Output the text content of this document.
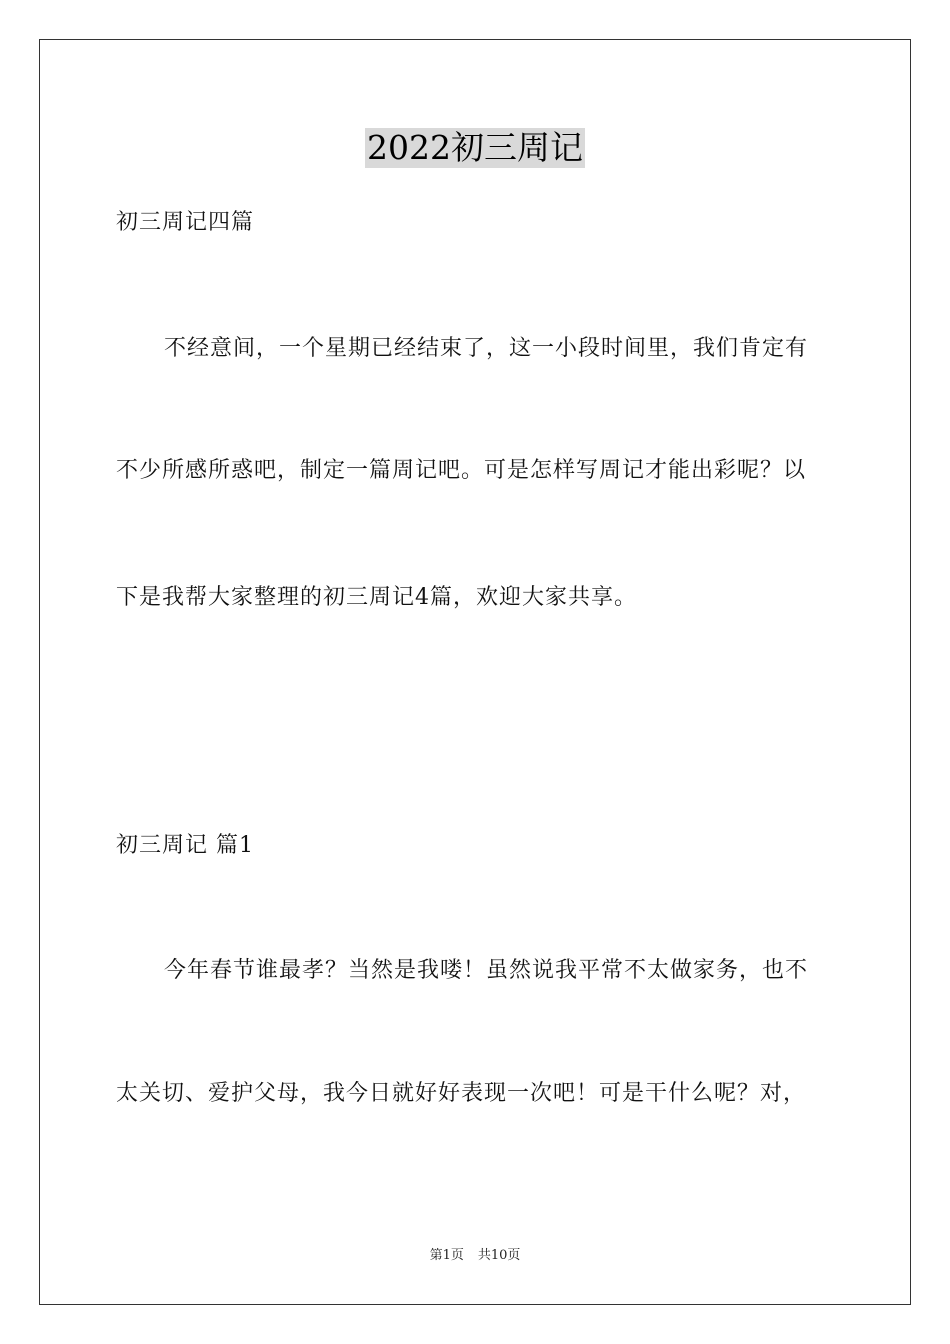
2022初三周记
初三周记四篇
不经意间，一个星期已经结束了，这一小段时间里，我们肯定有
不少所感所惑吧，制定一篇周记吧。可是怎样写周记才能出彩呢？以
下是我帮大家整理的初三周记4篇，欢迎大家共享。
初三周记 篇1
今年春节谁最孝？当然是我喽！虽然说我平常不太做家务，也不
太关切、爱护父母，我今日就好好表现一次吧！可是干什么呢？对，
第1页 共10页
